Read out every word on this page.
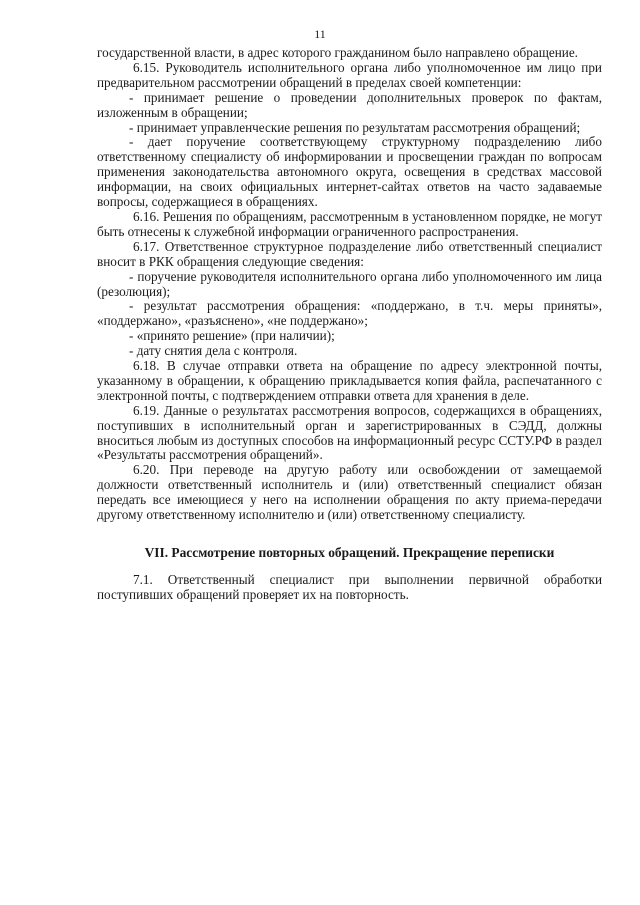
11

государственной власти, в адрес которого гражданином было направлено обращение.

6.15. Руководитель исполнительного органа либо уполномоченное им лицо при предварительном рассмотрении обращений в пределах своей компетенции:

- принимает решение о проведении дополнительных проверок по фактам, изложенным в обращении;

- принимает управленческие решения по результатам рассмотрения обращений;

- дает поручение соответствующему структурному подразделению либо ответственному специалисту об информировании и просвещении граждан по вопросам применения законодательства автономного округа, освещения в средствах массовой информации, на своих официальных интернет-сайтах ответов на часто задаваемые вопросы, содержащиеся в обращениях.

6.16. Решения по обращениям, рассмотренным в установленном порядке, не могут быть отнесены к служебной информации ограниченного распространения.

6.17. Ответственное структурное подразделение либо ответственный специалист вносит в РКК обращения следующие сведения:

- поручение руководителя исполнительного органа либо уполномоченного им лица (резолюция);

- результат рассмотрения обращения: «поддержано, в т.ч. меры приняты», «поддержано», «разъяснено», «не поддержано»;

- «принято решение» (при наличии);

- дату снятия дела с контроля.

6.18. В случае отправки ответа на обращение по адресу электронной почты, указанному в обращении, к обращению прикладывается копия файла, распечатанного с электронной почты, с подтверждением отправки ответа для хранения в деле.

6.19. Данные о результатах рассмотрения вопросов, содержащихся в обращениях, поступивших в исполнительный орган и зарегистрированных в СЭДД, должны вноситься любым из доступных способов на информационный ресурс ССТУ.РФ в раздел «Результаты рассмотрения обращений».

6.20. При переводе на другую работу или освобождении от замещаемой должности ответственный исполнитель и (или) ответственный специалист обязан передать все имеющиеся у него на исполнении обращения по акту приема-передачи другому ответственному исполнителю и (или) ответственному специалисту.

VII. Рассмотрение повторных обращений. Прекращение переписки

7.1. Ответственный специалист при выполнении первичной обработки поступивших обращений проверяет их на повторность.
